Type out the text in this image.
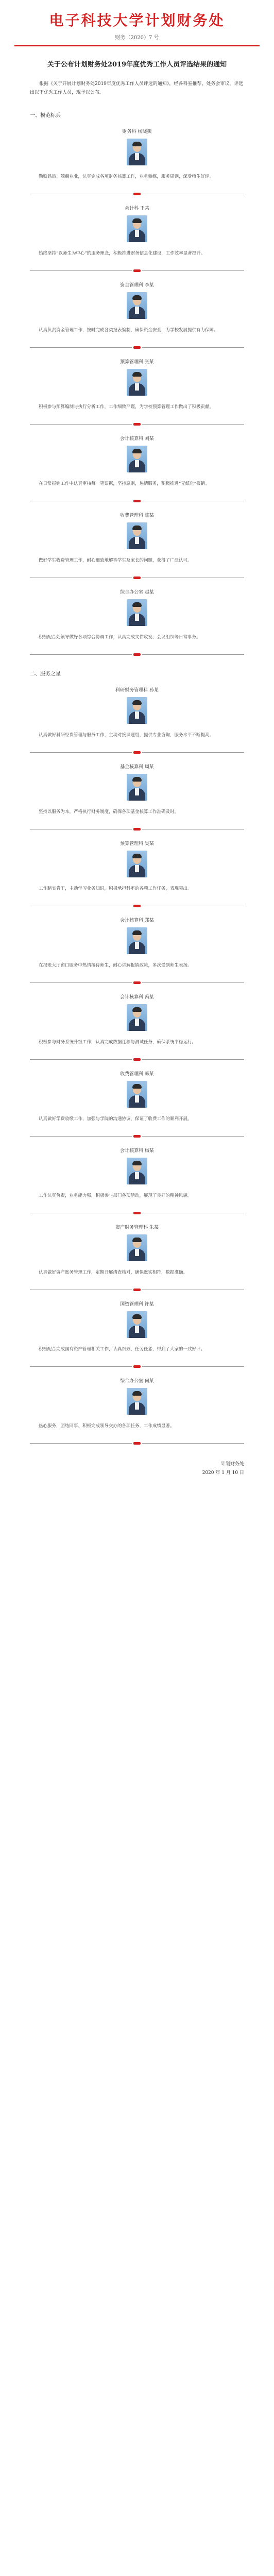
电子科技大学计划财务处
财务（2020）7 号
关于公布计划财务处2019年度优秀工作人员评选结果的通知
根据《关于开展计划财务处2019年度优秀工作人员评选的通知》，经各科室推荐、处务会审议，评选出以下优秀工作人员，现予以公布。
一、模范标兵
财务科 杨晓燕
勤勤恳恳、兢兢业业，认真完成各项财务核算工作，业务熟练，服务周到，深受师生好评。
会计科 王某
始终坚持“以师生为中心”的服务理念，积极推进财务信息化建设，工作效率显著提升。
资金管理科 李某
认真负责资金管理工作，按时完成各类报表编制，确保资金安全，为学校发展提供有力保障。
预算管理科 张某
积极参与预算编制与执行分析工作，工作细致严谨，为学校预算管理工作做出了积极贡献。
会计核算科 刘某
在日常报销工作中认真审核每一笔票据，坚持原则，热情服务，积极推进“无纸化”报销。
收费管理科 陈某
做好学生收费管理工作，耐心细致地解答学生及家长的问题，获得了广泛认可。
综合办公室 赵某
积极配合处领导做好各项综合协调工作，认真完成文件收发、会议组织等日常事务。
二、服务之星
科研财务管理科 孙某
认真做好科研经费管理与服务工作，主动对接课题组，提供专业咨询，服务水平不断提高。
基金核算科 周某
坚持以服务为本，严格执行财务制度，确保各项基金核算工作准确及时。
预算管理科 吴某
工作踏实肯干，主动学习业务知识，积极承担科室的各项工作任务，表现突出。
会计核算科 郑某
在报账大厅窗口服务中热情接待师生，耐心讲解报销政策，多次受到师生表扬。
会计核算科 冯某
积极参与财务系统升级工作，认真完成数据迁移与测试任务，确保系统平稳运行。
收费管理科 韩某
认真做好学费收缴工作，加强与学院的沟通协调，保证了收费工作的顺利开展。
会计核算科 杨某
工作认真负责，业务能力强，积极参与部门各项活动，展现了良好的精神风貌。
资产财务管理科 朱某
认真做好资产账务管理工作，定期开展清查核对，确保账实相符，数据准确。
国资管理科 许某
积极配合完成国有资产管理相关工作，认真细致，任劳任怨，得到了大家的一致好评。
综合办公室 何某
热心服务，团结同事，积极完成领导交办的各项任务，工作成绩显著。
计划财务处
2020 年 1 月 10 日
